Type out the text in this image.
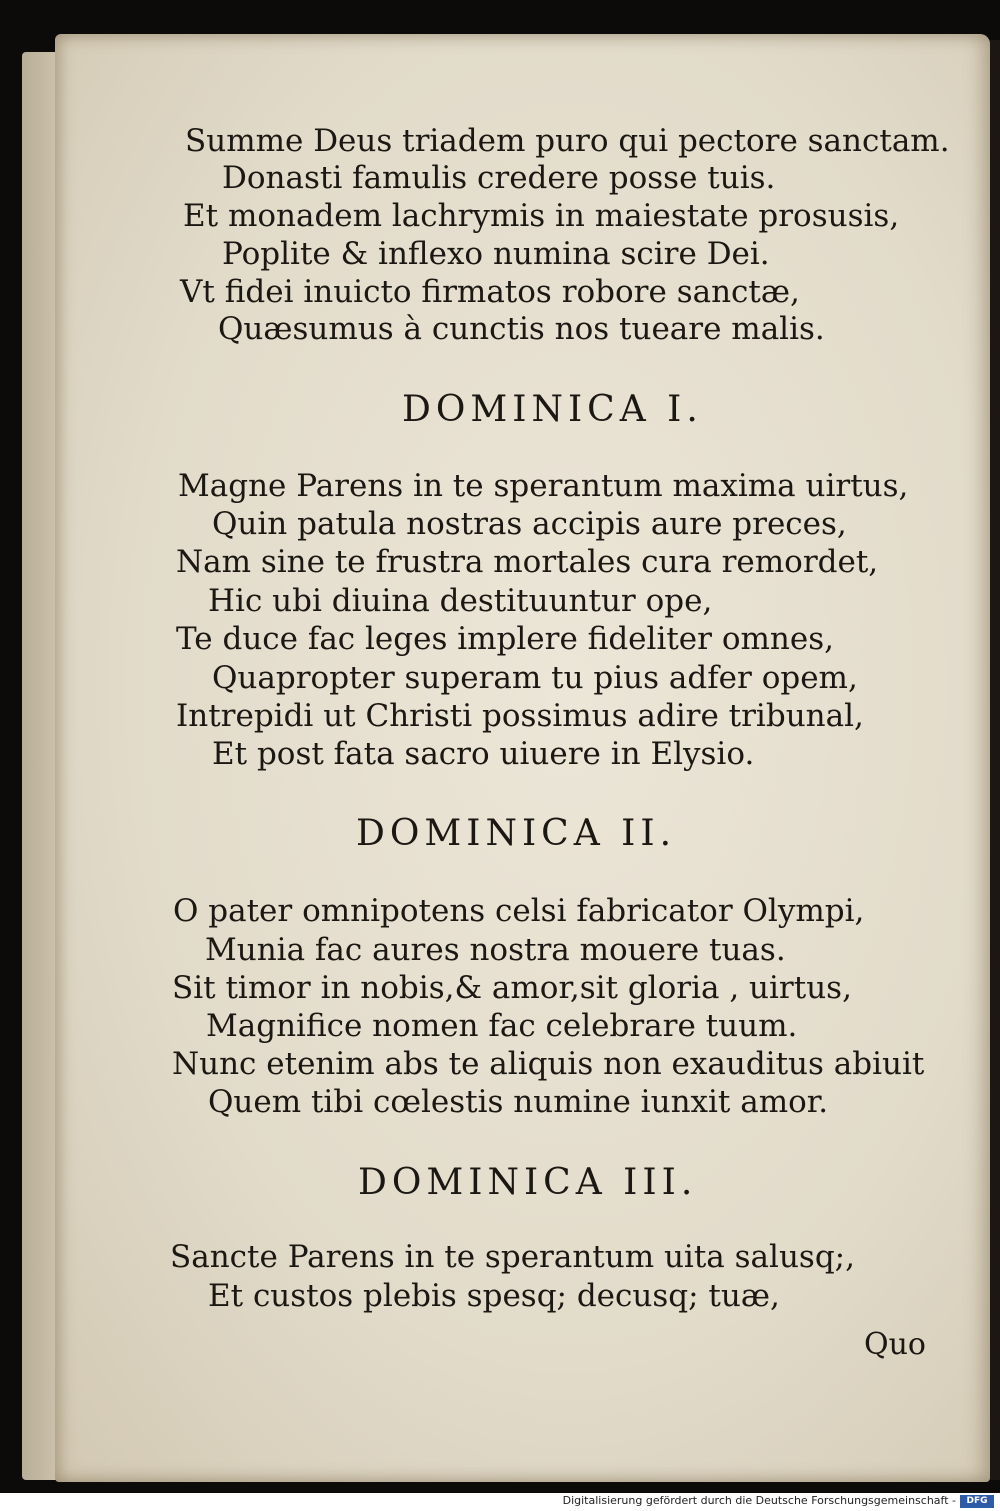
Summe Deus triadem puro qui pectore sanctam.
Donasti famulis credere posse tuis.
Et monadem lachrymis in maiestate prosusis,
Poplite & inflexo numina scire Dei.
Vt fidei inuicto firmatos robore sanctæ,
Quæsumus à cunctis nos tueare malis.
DOMINICA I.
Magne Parens in te sperantum maxima uirtus,
Quin patula nostras accipis aure preces,
Nam sine te frustra mortales cura remordet,
Hic ubi diuina destituuntur ope,
Te duce fac leges implere fideliter omnes,
Quapropter superam tu pius adfer opem,
Intrepidi ut Christi possimus adire tribunal,
Et post fata sacro uiuere in Elysio.
DOMINICA II.
O pater omnipotens celsi fabricator Olympi,
Munia fac aures nostra mouere tuas.
Sit timor in nobis,& amor,sit gloria , uirtus,
Magnifice nomen fac celebrare tuum.
Nunc etenim abs te aliquis non exauditus abiuit
Quem tibi cœlestis numine iunxit amor.
DOMINICA III.
Sancte Parens in te sperantum uita salusq;,
Et custos plebis spesq; decusq; tuæ,
Quo
Digitalisierung gefördert durch die Deutsche Forschungsgemeinschaft -	DFG
